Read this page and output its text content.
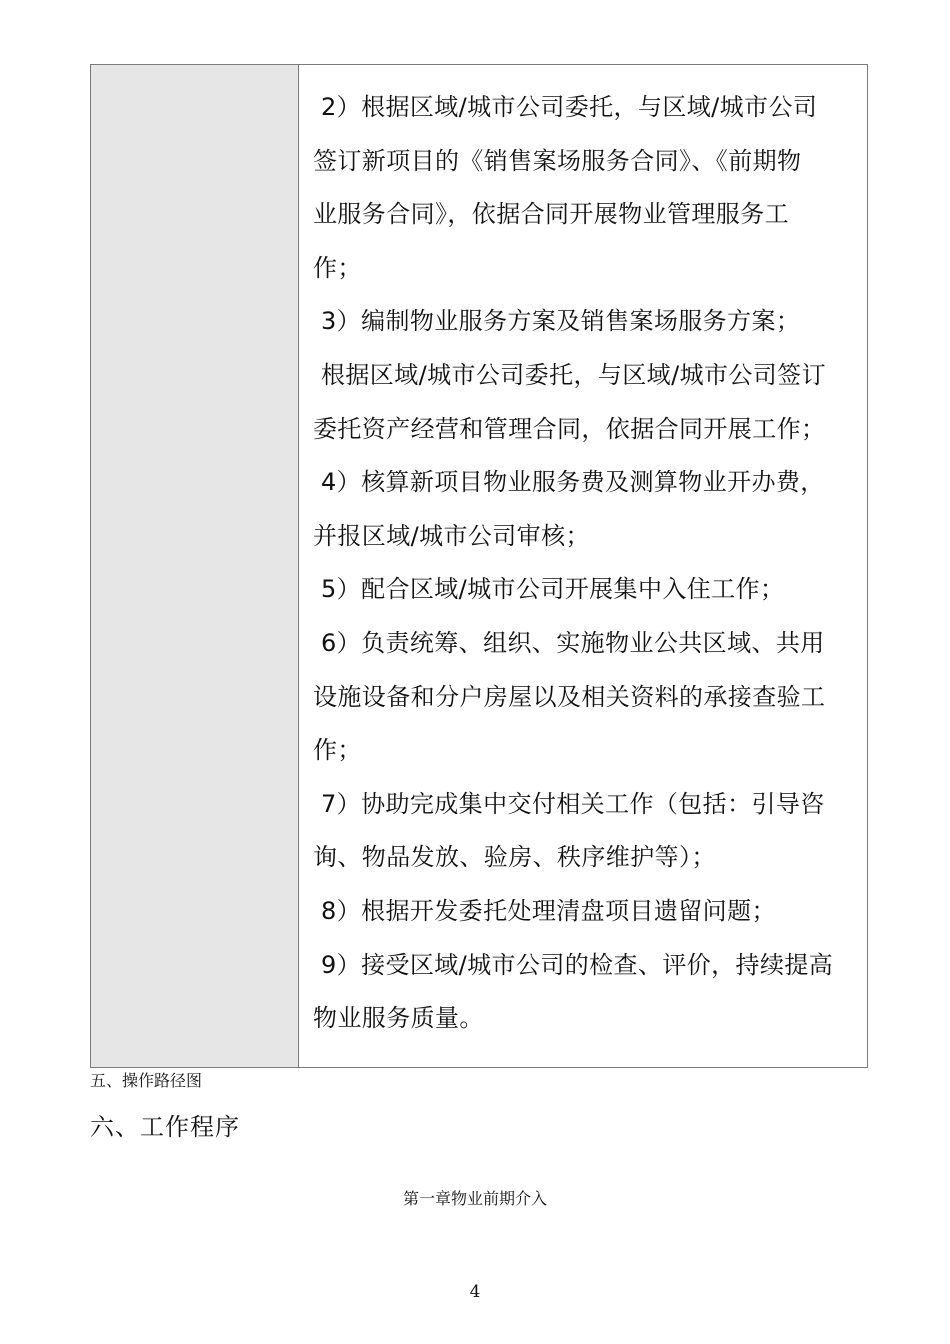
2）根据区域/城市公司委托，与区域/城市公司
签订新项目的《销售案场服务合同》、《前期物
业服务合同》，依据合同开展物业管理服务工
作；
3）编制物业服务方案及销售案场服务方案；
根据区域/城市公司委托，与区域/城市公司签订
委托资产经营和管理合同，依据合同开展工作；
4）核算新项目物业服务费及测算物业开办费，
并报区域/城市公司审核；
5）配合区域/城市公司开展集中入住工作；
6）负责统筹、组织、实施物业公共区域、共用
设施设备和分户房屋以及相关资料的承接查验工
作；
7）协助完成集中交付相关工作（包括：引导咨
询、物品发放、验房、秩序维护等）；
8）根据开发委托处理清盘项目遗留问题；
9）接受区域/城市公司的检查、评价，持续提高
物业服务质量。
五、操作路径图
六、工作程序
第一章物业前期介入
4
